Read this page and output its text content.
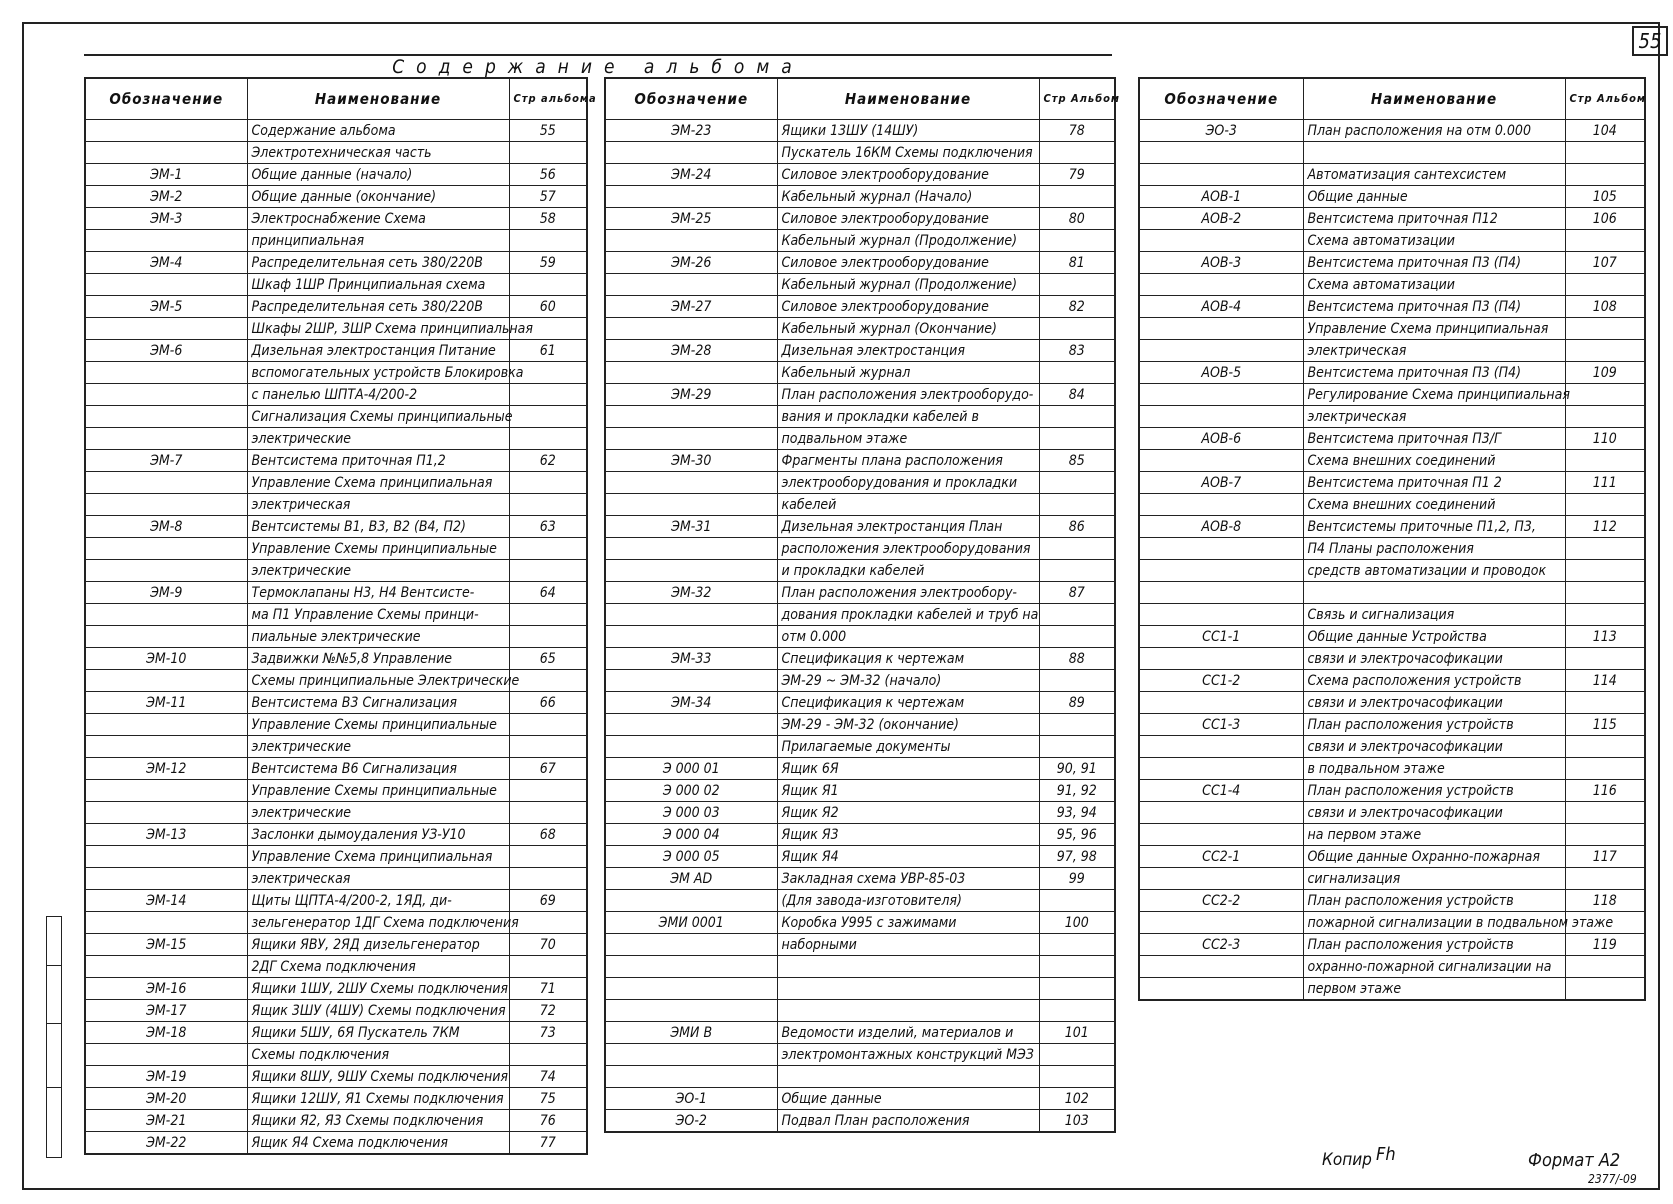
55
Содержание альбома
Обозначение	Наименование	Стр альбома
	Содержание альбома	55
	Электротехническая часть	
ЭМ-1	Общие данные (начало)	56
ЭМ-2	Общие данные (окончание)	57
ЭМ-3	Электроснабжение Схема	58
	принципиальная	
ЭМ-4	Распределительная сеть 380/220В	59
	Шкаф 1ШР Принципиальная схема	
ЭМ-5	Распределительная сеть 380/220В	60
	Шкафы 2ШР, 3ШР Схема принципиальная	
ЭМ-6	Дизельная электростанция Питание	61
	вспомогательных устройств Блокировка	
	с панелью ШПТА-4/200-2	
	Сигнализация Схемы принципиальные	
	электрические	
ЭМ-7	Вентсистема приточная П1,2	62
	Управление Схема принципиальная	
	электрическая	
ЭМ-8	Вентсистемы В1, В3, В2 (В4, П2)	63
	Управление Схемы принципиальные	
	электрические	
ЭМ-9	Термоклапаны Н3, Н4 Вентсисте-	64
	ма П1 Управление Схемы принци-	
	пиальные электрические	
ЭМ-10	Задвижки №№5,8 Управление	65
	Схемы принципиальные Электрические	
ЭМ-11	Вентсистема В3 Сигнализация	66
	Управление Схемы принципиальные	
	электрические	
ЭМ-12	Вентсистема В6 Сигнализация	67
	Управление Схемы принципиальные	
	электрические	
ЭМ-13	Заслонки дымоудаления УЗ-У10	68
	Управление Схема принципиальная	
	электрическая	
ЭМ-14	Щиты ЩПТА-4/200-2, 1ЯД, ди-	69
	зельгенератор 1ДГ Схема подключения	
ЭМ-15	Ящики ЯВУ, 2ЯД дизельгенератор	70
	2ДГ Схема подключения	
ЭМ-16	Ящики 1ШУ, 2ШУ Схемы подключения	71
ЭМ-17	Ящик 3ШУ (4ШУ) Схемы подключения	72
ЭМ-18	Ящики 5ШУ, 6Я Пускатель 7КМ	73
	Схемы подключения	
ЭМ-19	Ящики 8ШУ, 9ШУ Схемы подключения	74
ЭМ-20	Ящики 12ШУ, Я1 Схемы подключения	75
ЭМ-21	Ящики Я2, Я3 Схемы подключения	76
ЭМ-22	Ящик Я4 Схема подключения	77
Обозначение	Наименование	Стр Альбом
ЭМ-23	Ящики 13ШУ (14ШУ)	78
	Пускатель 16КМ Схемы подключения	
ЭМ-24	Силовое электрооборудование	79
	Кабельный журнал (Начало)	
ЭМ-25	Силовое электрооборудование	80
	Кабельный журнал (Продолжение)	
ЭМ-26	Силовое электрооборудование	81
	Кабельный журнал (Продолжение)	
ЭМ-27	Силовое электрооборудование	82
	Кабельный журнал (Окончание)	
ЭМ-28	Дизельная электростанция	83
	Кабельный журнал	
ЭМ-29	План расположения электрооборудо-	84
	вания и прокладки кабелей в	
	подвальном этаже	
ЭМ-30	Фрагменты плана расположения	85
	электрооборудования и прокладки	
	кабелей	
ЭМ-31	Дизельная электростанция План	86
	расположения электрооборудования	
	и прокладки кабелей	
ЭМ-32	План расположения электрообору-	87
	дования прокладки кабелей и труб на	
	отм 0.000	
ЭМ-33	Спецификация к чертежам	88
	ЭМ-29 ~ ЭМ-32 (начало)	
ЭМ-34	Спецификация к чертежам	89
	ЭМ-29 - ЭМ-32 (окончание)	
	Прилагаемые документы	
Э 000 01	Ящик 6Я	90, 91
Э 000 02	Ящик Я1	91, 92
Э 000 03	Ящик Я2	93, 94
Э 000 04	Ящик Я3	95, 96
Э 000 05	Ящик Я4	97, 98
ЭМ АD	Закладная схема УВР-85-03	99
	(Для завода-изготовителя)	
ЭМИ 0001	Коробка У995 с зажимами	100
	наборными	

ЭМИ В	Ведомости изделий, материалов и	101
	электромонтажных конструкций МЭЗ	

ЭО-1	Общие данные	102
ЭО-2	Подвал План расположения	103
Обозначение	Наименование	Стр Альбом
ЭО-3	План расположения на отм 0.000	104

	Автоматизация сантехсистем	
АОВ-1	Общие данные	105
АОВ-2	Вентсистема приточная П12	106
	Схема автоматизации	
АОВ-3	Вентсистема приточная П3 (П4)	107
	Схема автоматизации	
АОВ-4	Вентсистема приточная П3 (П4)	108
	Управление Схема принципиальная	
	электрическая	
АОВ-5	Вентсистема приточная П3 (П4)	109
	Регулирование Схема принципиальная	
	электрическая	
АОВ-6	Вентсистема приточная П3/Г	110
	Схема внешних соединений	
АОВ-7	Вентсистема приточная П1 2	111
	Схема внешних соединений	
АОВ-8	Вентсистемы приточные П1,2, П3,	112
	П4 Планы расположения	
	средств автоматизации и проводок	

	Связь и сигнализация	
СС1-1	Общие данные Устройства	113
	связи и электрочасофикации	
СС1-2	Схема расположения устройств	114
	связи и электрочасофикации	
СС1-3	План расположения устройств	115
	связи и электрочасофикации	
	в подвальном этаже	
СС1-4	План расположения устройств	116
	связи и электрочасофикации	
	на первом этаже	
СС2-1	Общие данные Охранно-пожарная	117
	сигнализация	
СС2-2	План расположения устройств	118
	пожарной сигнализации в подвальном этаже	
СС2-3	План расположения устройств	119
	охранно-пожарной сигнализации на	
	первом этаже	
Копир Fh	Формат А2
2377/-09
